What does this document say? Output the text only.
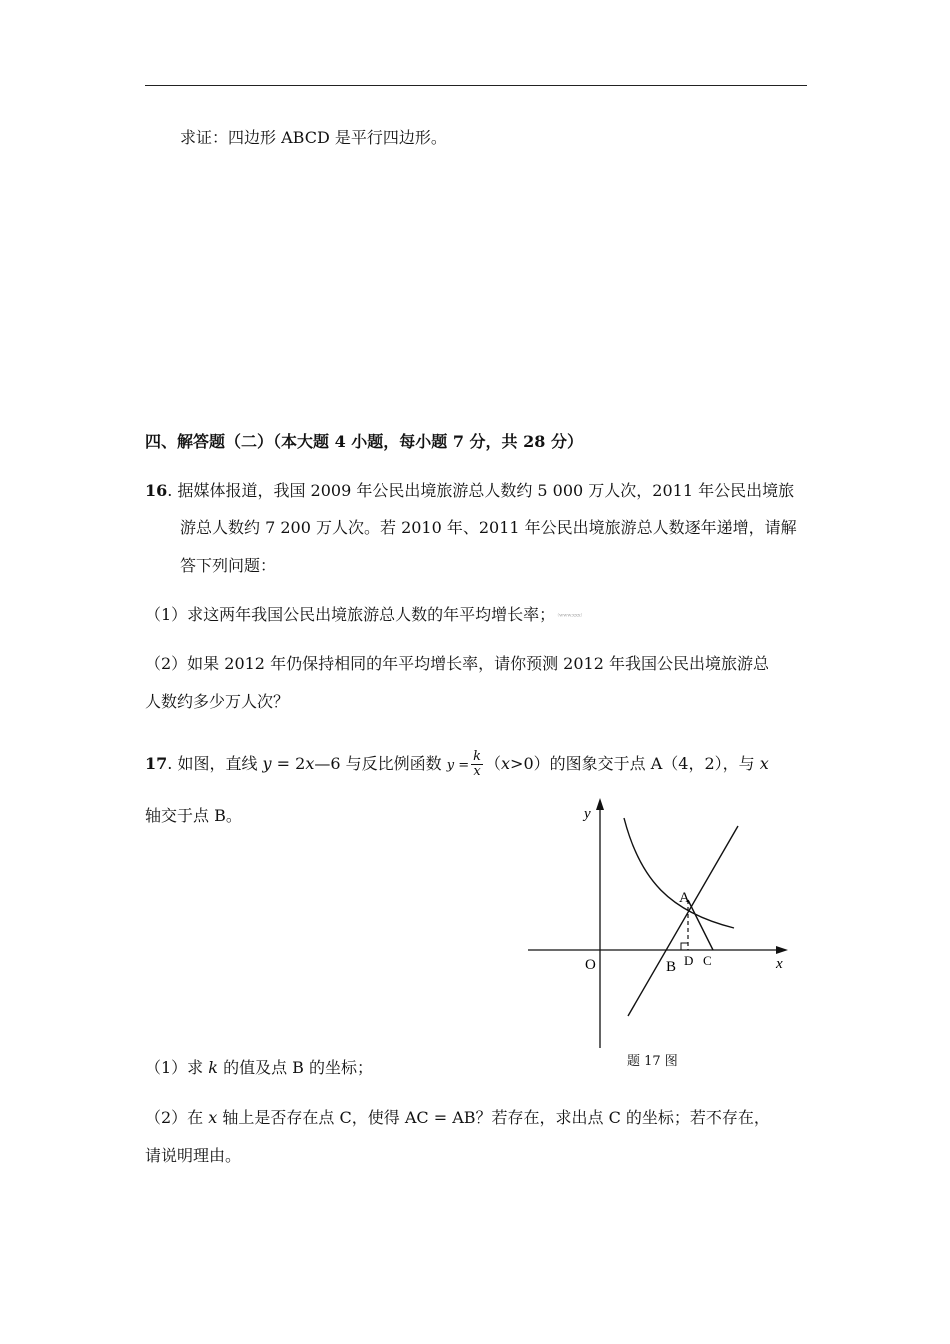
求证：四边形 ABCD 是平行四边形。
四、解答题（二）（本大题 4 小题，每小题 7 分，共 28 分）
16. 据媒体报道，我国 2009 年公民出境旅游总人数约 5 000 万人次，2011 年公民出境旅
游总人数约 7 200 万人次。若 2010 年、2011 年公民出境旅游总人数逐年递增，请解
答下列问题：
（1）求这两年我国公民出境旅游总人数的年平均增长率；（WWW.XXX）
（2）如果 2012 年仍保持相同的年平均增长率，请你预测 2012 年我国公民出境旅游总
人数约多少万人次？
17. 如图，直线 y = 2x—6 与反比例函数 $y = \frac{k}{x} (x>0)$的图象交于点 A（4，2），与 x
轴交于点 B。	y
x
O
A
B D C
题 17 图
（1）求 k 的值及点 B 的坐标；
（2）在 x 轴上是否存在点 C，使得 AC = AB？若存在，求出点 C 的坐标；若不存在，
请说明理由。
